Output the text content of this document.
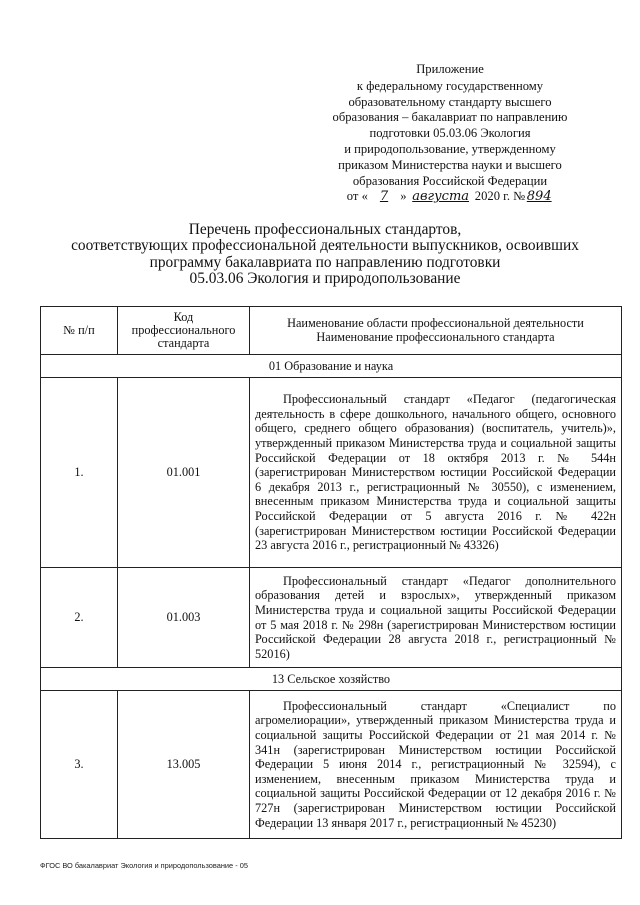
Приложение
к федеральному государственному
образовательному стандарту высшего
образования – бакалавриат по направлению
подготовки 05.03.06 Экология
и природопользование, утвержденному
приказом Министерства науки и высшего
образования Российской Федерации
от « 7 » августа 2020 г. № 894
Перечень профессиональных стандартов,
соответствующих профессиональной деятельности выпускников, освоивших
программу бакалавриата по направлению подготовки
05.03.06 Экология и природопользование
№ п/п	Код профессионального стандарта	Наименование области профессиональной деятельности
Наименование профессионального стандарта

01 Образование и наука		
1.	01.001	Профессиональный стандарт «Педагог (педагогическая деятельность в сфере дошкольного, начального общего, основного общего, среднего общего образования) (воспитатель, учитель)», утвержденный приказом Министерства труда и социальной защиты Российской Федерации от 18 октября 2013 г. № 544н (зарегистрирован Министерством юстиции Российской Федерации 6 декабря 2013 г., регистрационный № 30550), с изменением, внесенным приказом Министерства труда и социальной защиты Российской Федерации от 5 августа 2016 г. № 422н (зарегистрирован Министерством юстиции Российской Федерации 23 августа 2016 г., регистрационный № 43326)

2.	01.003	Профессиональный стандарт «Педагог дополнительного образования детей и взрослых», утвержденный приказом Министерства труда и социальной защиты Российской Федерации от 5 мая 2018 г. № 298н (зарегистрирован Министерством юстиции Российской Федерации 28 августа 2018 г., регистрационный № 52016)

13 Сельское хозяйство		
3.	13.005	Профессиональный стандарт «Специалист по агромелиорации», утвержденный приказом Министерства труда и социальной защиты Российской Федерации от 21 мая 2014 г. № 341н (зарегистрирован Министерством юстиции Российской Федерации 5 июня 2014 г., регистрационный № 32594), с изменением, внесенным приказом Министерства труда и социальной защиты Российской Федерации от 12 декабря 2016 г. № 727н (зарегистрирован Министерством юстиции Российской Федерации 13 января 2017 г., регистрационный № 45230)
ФГОС ВО бакалавриат Экология и природопользование - 05
